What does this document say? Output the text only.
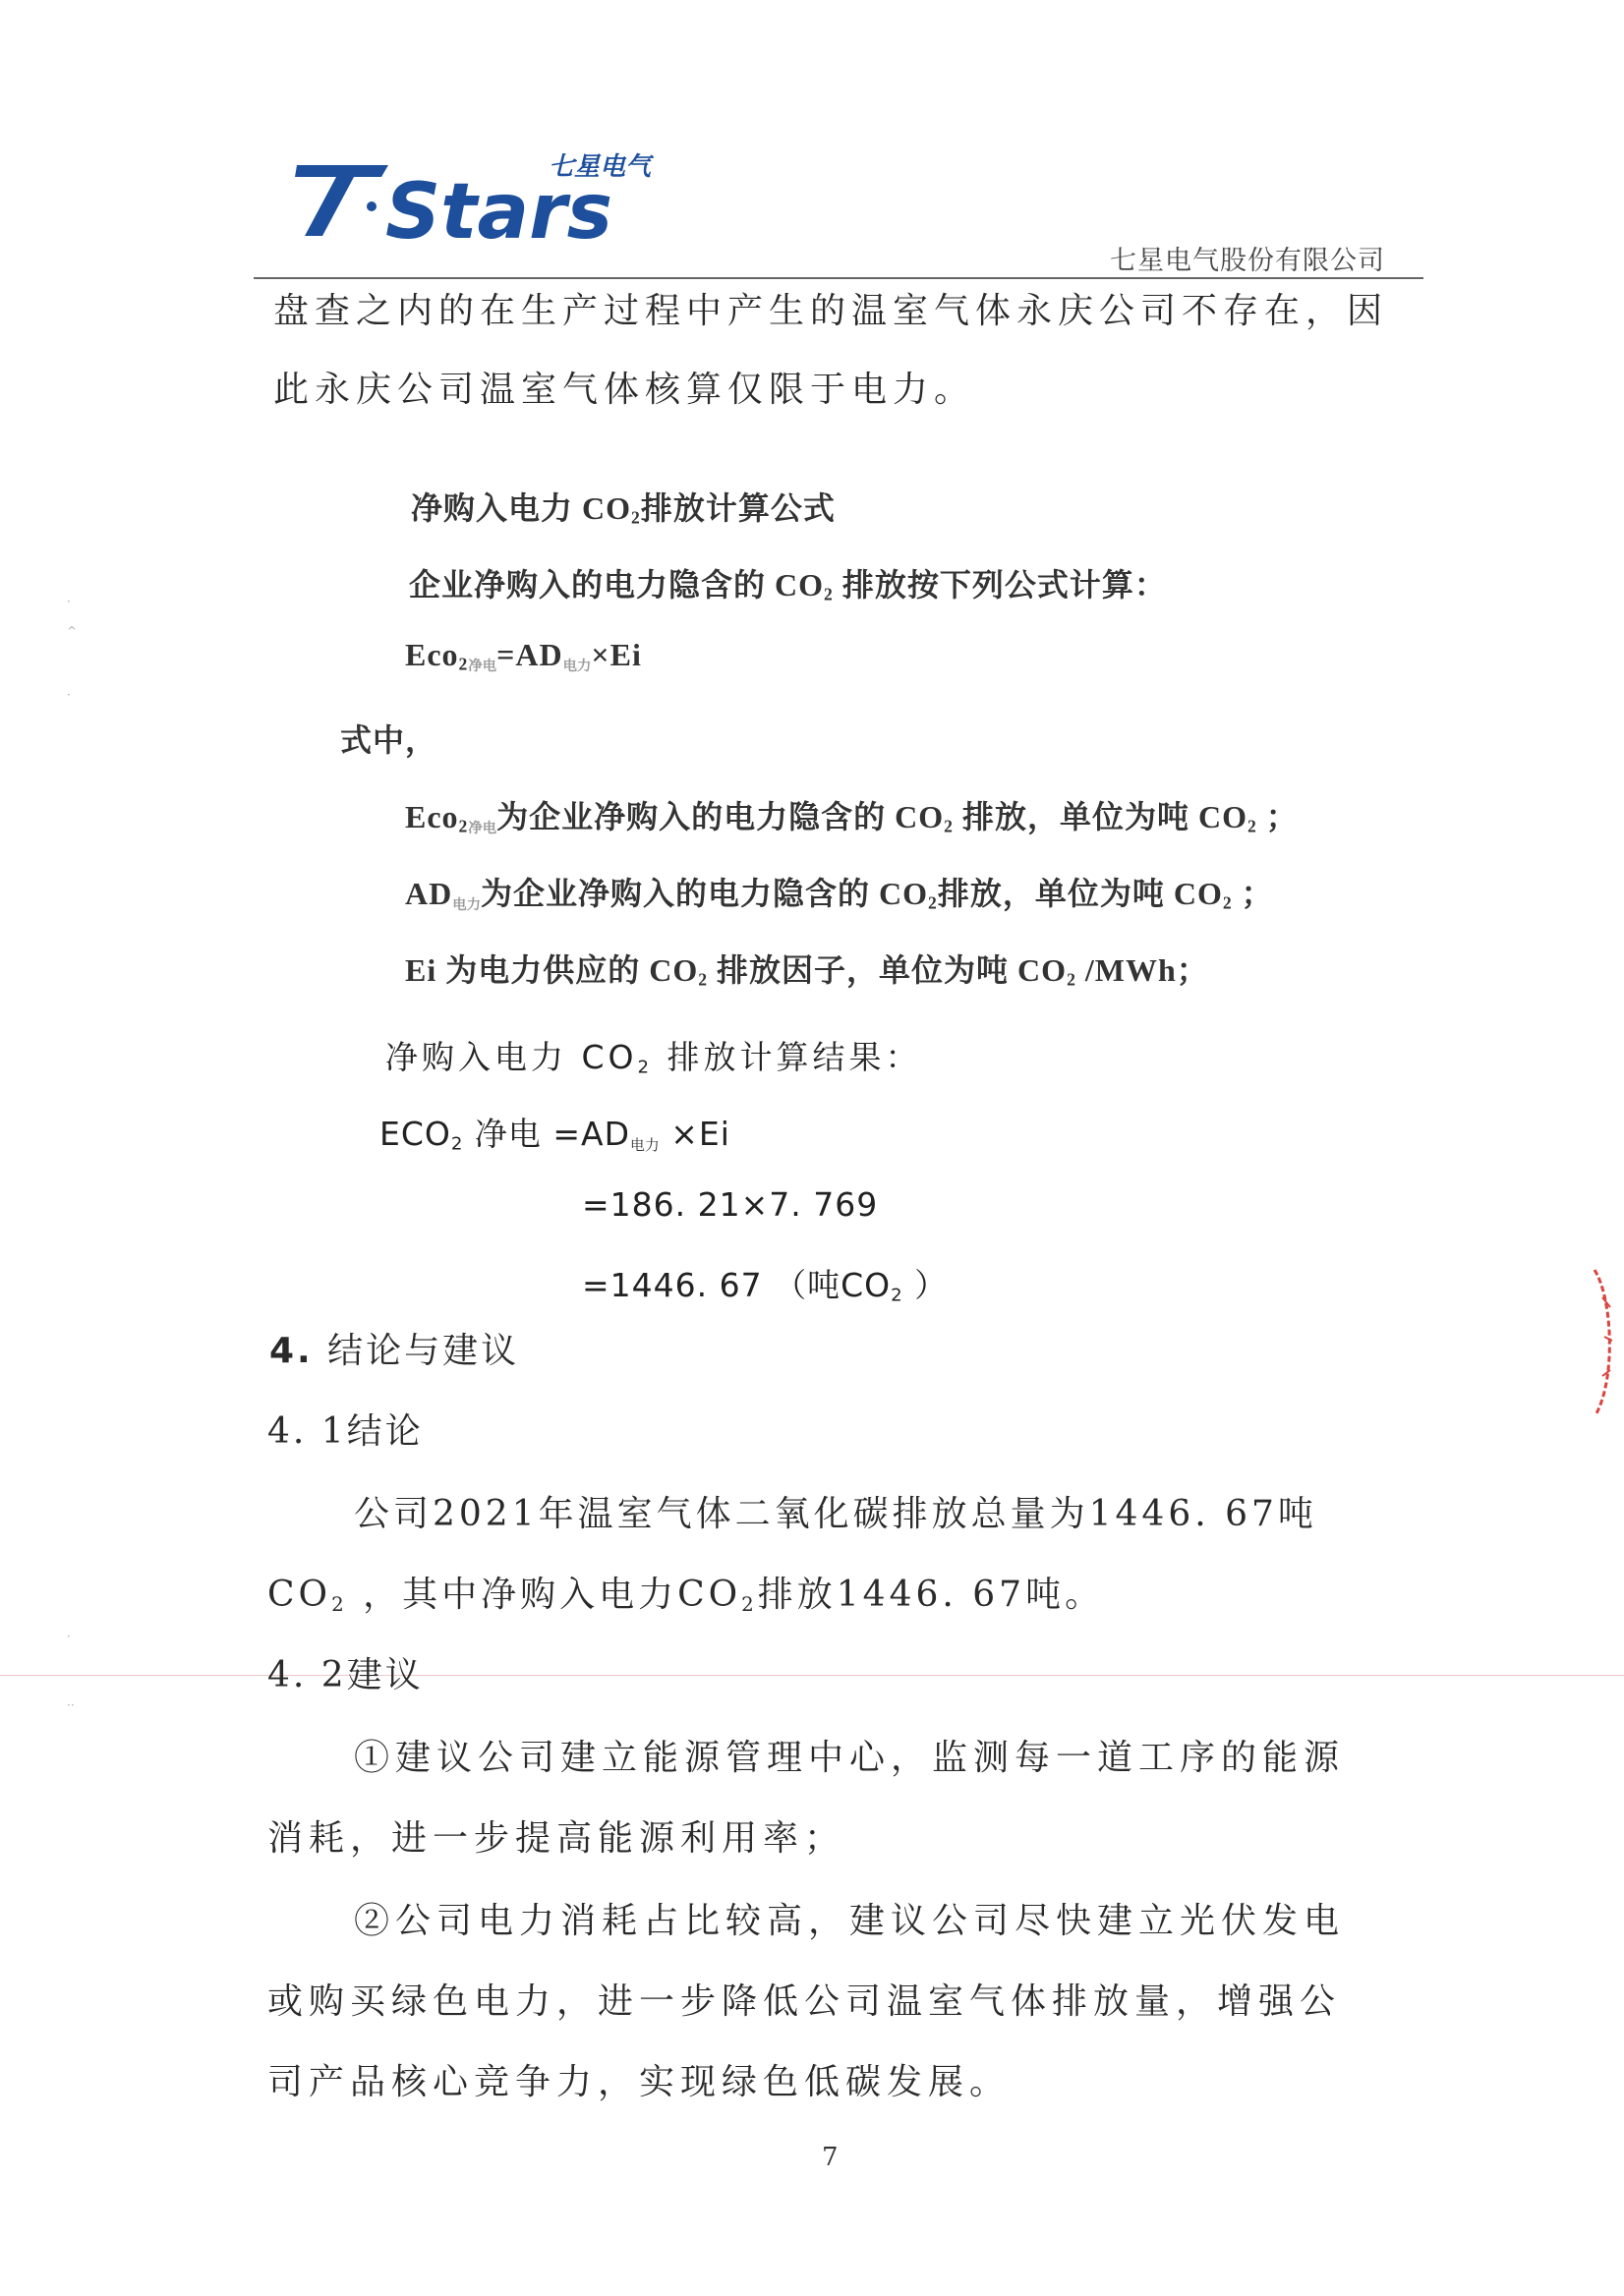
Stars
七星电气
七星电气股份有限公司
盘查之内的在生产过程中产生的温室气体永庆公司不存在，因
此永庆公司温室气体核算仅限于电力。
净购入电力 $CO_2$排放计算公式
企业净购入的电力隐含的 $CO_2$ 排放按下列公式计算：
Eco$_2$净电=AD电力×Ei
式中，
Eco$_2$净电为企业净购入的电力隐含的 $CO_2$ 排放，单位为吨 $CO_2$ ；
AD电力为企业净购入的电力隐含的 $CO_2$排放，单位为吨 $CO_2$ ；
Ei 为电力供应的 $CO_2$ 排放因子，单位为吨 $CO_2$ /MWh；
净购入电力 $CO_2$ 排放计算结果：
$ECO_2$ 净电 =AD电力 ×Ei
=186. 21×7. 769
=1446. 67 （吨$CO_2$ ）
4. 结论与建议
4. 1结论
公司2021年温室气体二氧化碳排放总量为1446. 67吨
$CO_2$ ，其中净购入电力$CO_2$排放1446. 67吨。
4. 2建议
①建议公司建立能源管理中心，监测每一道工序的能源
消耗，进一步提高能源利用率；
②公司电力消耗占比较高，建议公司尽快建立光伏发电
或购买绿色电力，进一步降低公司温室气体排放量，增强公
司产品核心竞争力，实现绿色低碳发展。
7
·
^
·
·
··
